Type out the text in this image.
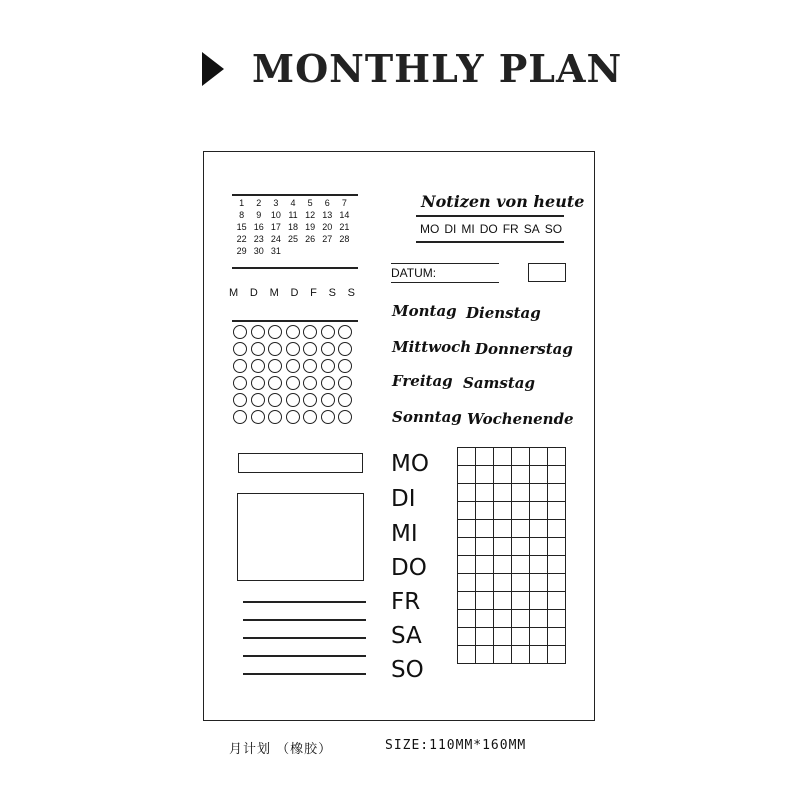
MONTHLY PLAN
1	2	3	4	5	6	7
8	9	10 11 12 13 14
15 16 17 18 19 20 21
22 23 24 25 26 27 28
29 30 31
M D M D F S S
Notizen von heute
MO DI MI DO FR SA SO
DATUM:
Montag Dienstag
Mittwoch Donnerstag
Freitag Samstag
Sonntag Wochenende
MO
DI
MI
DO
FR
SA
SO
月计划 （橡胶）	SIZE:110MM*160MM
